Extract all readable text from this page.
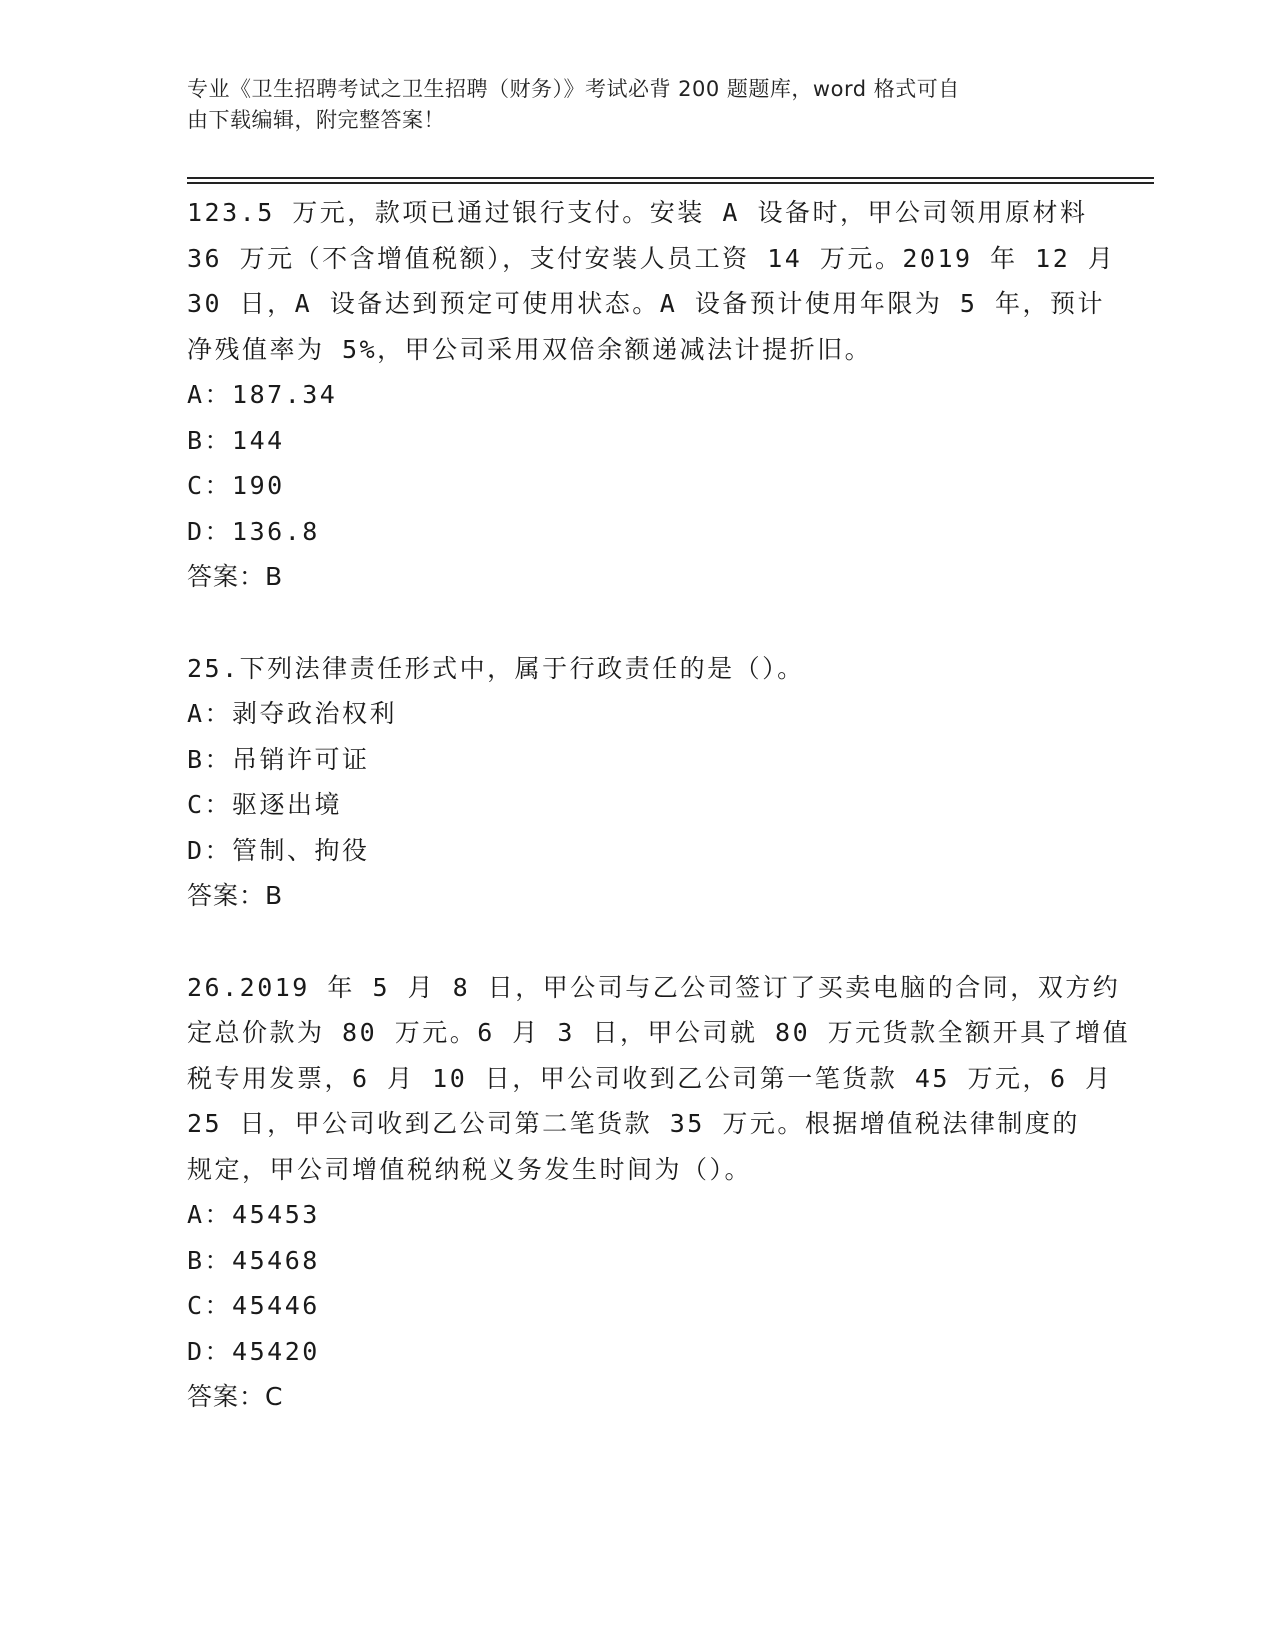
专业《卫生招聘考试之卫生招聘（财务）》考试必背 200 题题库，word 格式可自
由下载编辑，附完整答案！
123.5 万元，款项已通过银行支付。安装 A 设备时，甲公司领用原材料
36 万元（不含增值税额），支付安装人员工资 14 万元。2019 年 12 月
30 日，A 设备达到预定可使用状态。A 设备预计使用年限为 5 年，预计
净残值率为 5%，甲公司采用双倍余额递减法计提折旧。
A：187.34
B：144
C：190
D：136.8
答案：B
25.下列法律责任形式中，属于行政责任的是（）。
A：剥夺政治权利
B：吊销许可证
C：驱逐出境
D：管制、拘役
答案：B
26.2019 年 5 月 8 日，甲公司与乙公司签订了买卖电脑的合同，双方约
定总价款为 80 万元。6 月 3 日，甲公司就 80 万元货款全额开具了增值
税专用发票，6 月 10 日，甲公司收到乙公司第一笔货款 45 万元，6 月
25 日，甲公司收到乙公司第二笔货款 35 万元。根据增值税法律制度的
规定，甲公司增值税纳税义务发生时间为（）。
A：45453
B：45468
C：45446
D：45420
答案：C
